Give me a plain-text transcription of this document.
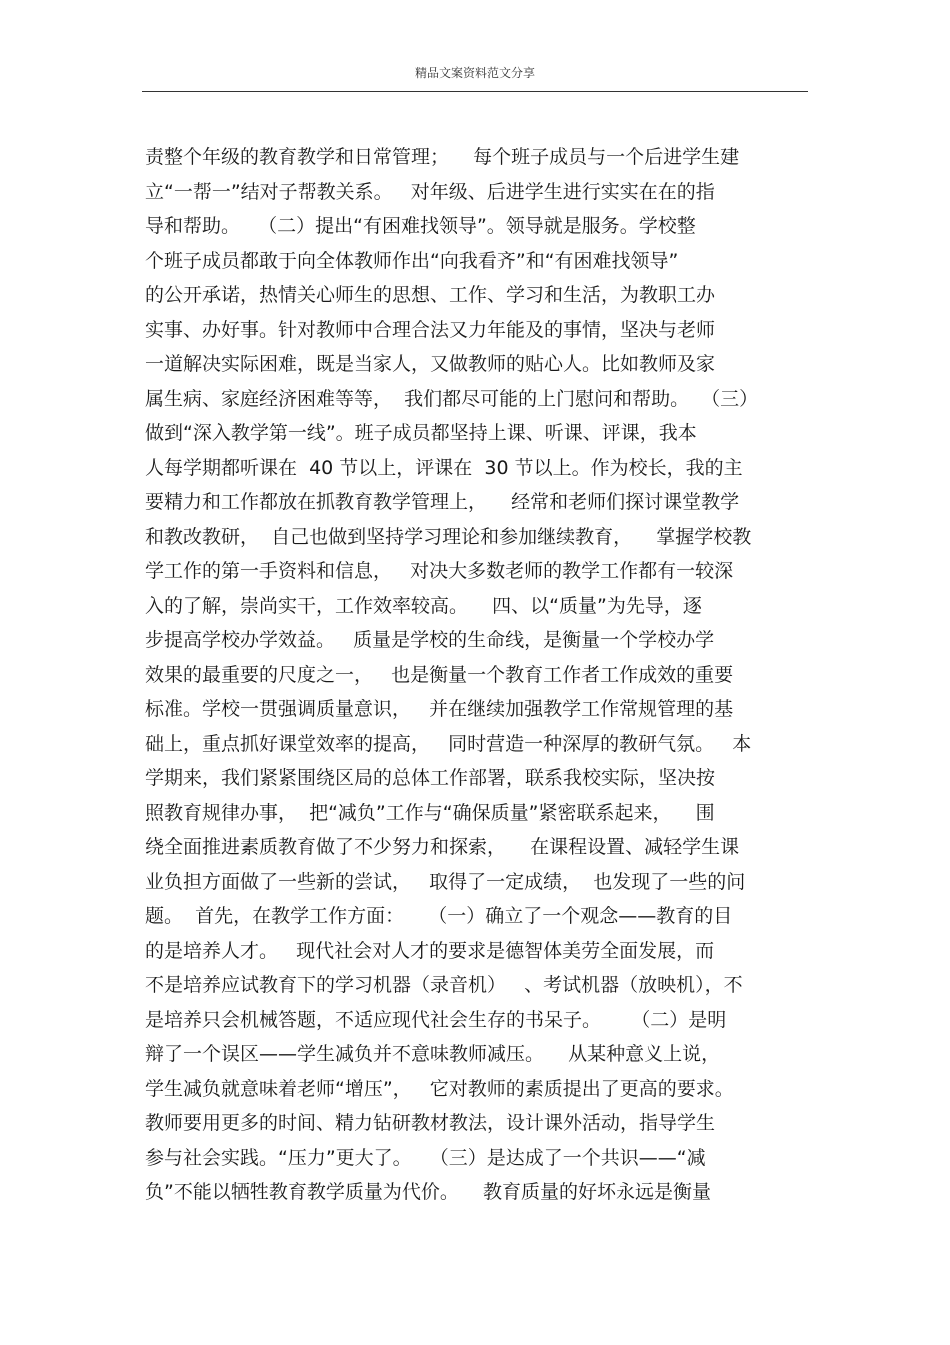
精品文案资料范文分享
责整个年级的教育教学和日常管理；    每个班子成员与一个后进学生建
立“一帮一”结对子帮教关系。   对年级、后进学生进行实实在在的指
导和帮助。   （二）提出“有困难找领导”。领导就是服务。学校整
个班子成员都敢于向全体教师作出“向我看齐”和“有困难找领导”
的公开承诺，热情关心师生的思想、工作、学习和生活，为教职工办
实事、办好事。针对教师中合理合法又力年能及的事情，坚决与老师
一道解决实际困难，既是当家人，又做教师的贴心人。比如教师及家
属生病、家庭经济困难等等，  我们都尽可能的上门慰问和帮助。  （三）
做到“深入教学第一线”。班子成员都坚持上课、听课、评课，我本
人每学期都听课在  40 节以上，评课在  30 节以上。作为校长，我的主
要精力和工作都放在抓教育教学管理上，    经常和老师们探讨课堂教学
和教改教研，  自己也做到坚持学习理论和参加继续教育，    掌握学校教
学工作的第一手资料和信息，   对决大多数老师的教学工作都有一较深
入的了解，崇尚实干，工作效率较高。    四、以“质量”为先导，逐
步提高学校办学效益。   质量是学校的生命线，是衡量一个学校办学
效果的最重要的尺度之一，   也是衡量一个教育工作者工作成效的重要
标准。学校一贯强调质量意识，   并在继续加强教学工作常规管理的基
础上，重点抓好课堂效率的提高，   同时营造一种深厚的教研气氛。   本
学期来，我们紧紧围绕区局的总体工作部署，联系我校实际，坚决按
照教育规律办事，  把“减负”工作与“确保质量”紧密联系起来，    围
绕全面推进素质教育做了不少努力和探索，    在课程设置、减轻学生课
业负担方面做了一些新的尝试，   取得了一定成绩，  也发现了一些的问
题。  首先，在教学工作方面：    （一）确立了一个观念——教育的目
的是培养人才。   现代社会对人才的要求是德智体美劳全面发展，而
不是培养应试教育下的学习机器（录音机）   、考试机器（放映机），不
是培养只会机械答题，不适应现代社会生存的书呆子。     （二）是明
辩了一个误区——学生减负并不意味教师减压。    从某种意义上说，
学生减负就意味着老师“增压”，   它对教师的素质提出了更高的要求。
教师要用更多的时间、精力钻研教材教法，设计课外活动，指导学生
参与社会实践。“压力”更大了。   （三）是达成了一个共识——“减
负”不能以牺牲教育教学质量为代价。    教育质量的好坏永远是衡量
